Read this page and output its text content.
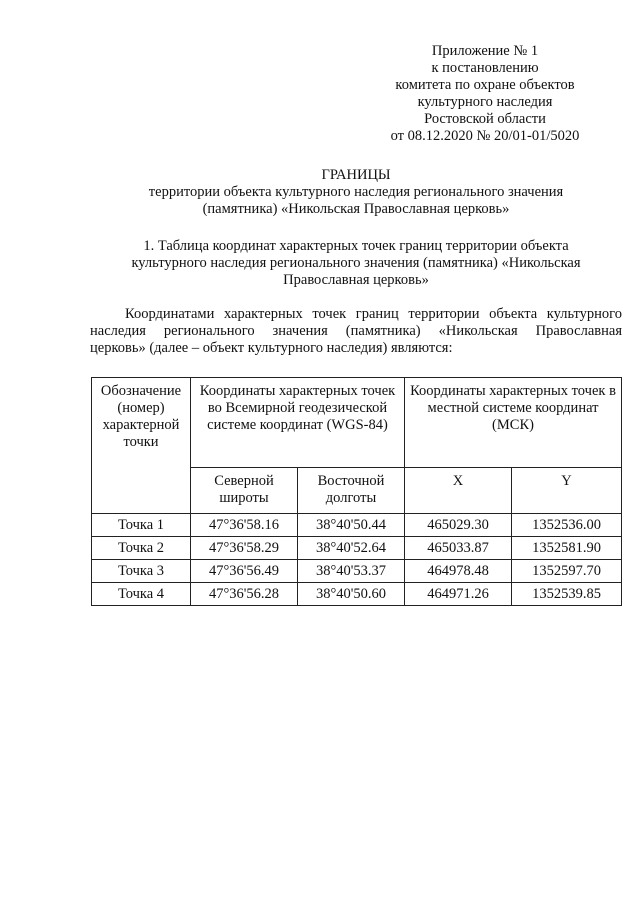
Приложение № 1
к постановлению
комитета по охране объектов
культурного наследия
Ростовской области
от 08.12.2020 № 20/01-01/5020
ГРАНИЦЫ
территории объекта культурного наследия регионального значения
(памятника) «Никольская Православная церковь»
1. Таблица координат характерных точек границ территории объекта
культурного наследия регионального значения (памятника) «Никольская
Православная церковь»
Координатами характерных точек границ территории объекта культурного
наследия регионального значения (памятника) «Никольская Православная
церковь» (далее – объект культурного наследия) являются:
Обозначение (номер) характерной точки	Координаты характерных точек во Всемирной геодезической системе координат (WGS-84)		Координаты характерных точек в местной системе координат (МСК)	
	Северной широты	Восточной долготы	X	Y
Точка 1	47°36'58.16	38°40'50.44	465029.30	1352536.00
Точка 2	47°36'58.29	38°40'52.64	465033.87	1352581.90
Точка 3	47°36'56.49	38°40'53.37	464978.48	1352597.70
Точка 4	47°36'56.28	38°40'50.60	464971.26	1352539.85
